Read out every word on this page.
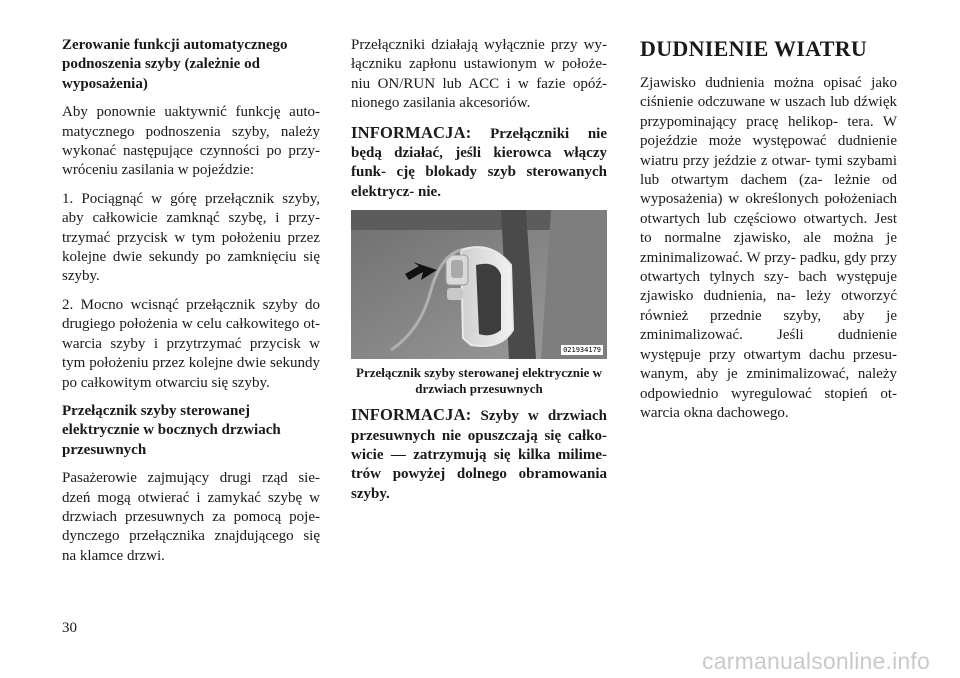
Zerowanie funkcji automatycznego podnoszenia szyby (zależnie od wyposażenia)

Aby ponownie uaktywnić funkcję auto- matycznego podnoszenia szyby, należy wykonać następujące czynności po przy- wróceniu zasilania w pojeździe:

1. Pociągnąć w górę przełącznik szyby, aby całkowicie zamknąć szybę, i przy- trzymać przycisk w tym położeniu przez kolejne dwie sekundy po zamknięciu się szyby.

2. Mocno wcisnąć przełącznik szyby do drugiego położenia w celu całkowitego ot- warcia szyby i przytrzymać przycisk w tym położeniu przez kolejne dwie sekundy po całkowitym otwarciu się szyby.

Przełącznik szyby sterowanej elektrycznie w bocznych drzwiach przesuwnych

Pasażerowie zajmujący drugi rząd sie- dzeń mogą otwierać i zamykać szybę w drzwiach przesuwnych za pomocą poje- dynczego przełącznika znajdującego się na klamce drzwi.

Przełączniki działają wyłącznie przy wy- łączniku zapłonu ustawionym w położe- niu ON/RUN lub ACC i w fazie opóź- nionego zasilania akcesoriów.

INFORMACJA: Przełączniki nie będą działać, jeśli kierowca włączy funk- cję blokady szyb sterowanych elektrycz- nie.
021934179
Przełącznik szyby sterowanej elektrycznie w drzwiach przesuwnych
INFORMACJA: Szyby w drzwiach przesuwnych nie opuszczają się całko- wicie — zatrzymują się kilka milime- trów powyżej dolnego obramowania szyby.
DUDNIENIE WIATRU

Zjawisko dudnienia można opisać jako ciśnienie odczuwane w uszach lub dźwięk przypominający pracę helikop- tera. W pojeździe może występować dudnienie wiatru przy jeździe z otwar- tymi szybami lub otwartym dachem (za- leżnie od wyposażenia) w określonych położeniach otwartych lub częściowo otwartych. Jest to normalne zjawisko, ale można je zminimalizować. W przy- padku, gdy przy otwartych tylnych szy- bach występuje zjawisko dudnienia, na- leży otworzyć również przednie szyby, aby je zminimalizować. Jeśli dudnienie występuje przy otwartym dachu przesu- wanym, aby je zminimalizować, należy odpowiednio wyregulować stopień ot- warcia okna dachowego.

30
carmanualsonline.info
